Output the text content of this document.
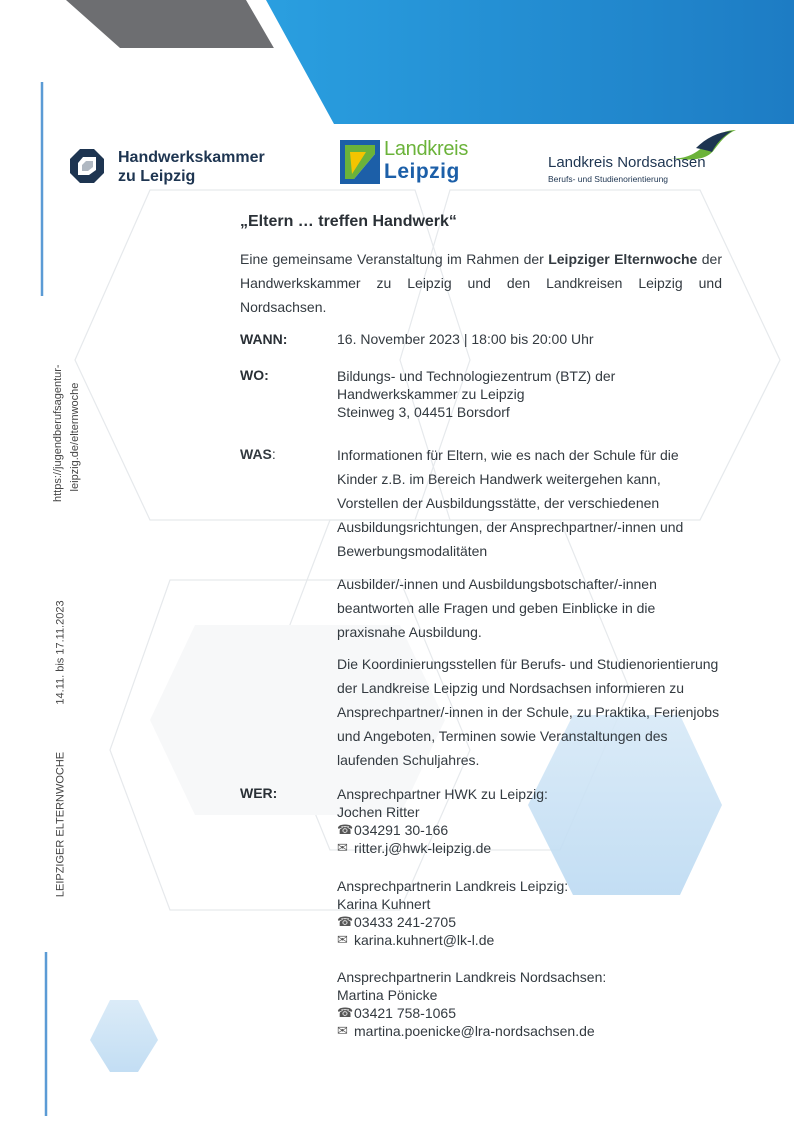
https://jugendberufsagentur- leipzig.de/elternwoche
14.11. bis 17.11.2023
LEIPZIGER ELTERNWOCHE
Handwerkskammer
zu Leipzig
Landkreis
Leipzig	Landkreis Nordsachsen
Berufs- und Studienorientierung
„Eltern … treffen Handwerk“
Eine gemeinsame Veranstaltung im Rahmen der Leipziger Elternwoche der Handwerkskammer zu Leipzig und den Landkreisen Leipzig und Nordsachsen.
WANN:	16. November 2023 | 18:00 bis 20:00 Uhr
WO:	Bildungs- und Technologiezentrum (BTZ) der
Handwerkskammer zu Leipzig
Steinweg 3, 04451 Borsdorf
WAS:	Informationen für Eltern, wie es nach der Schule für die Kinder z.B. im Bereich Handwerk weitergehen kann, Vorstellen der Ausbildungsstätte, der verschiedenen Ausbildungsrichtungen, der Ansprechpartner/-innen und Bewerbungsmodalitäten
Ausbilder/-innen und Ausbildungsbotschafter/-innen beantworten alle Fragen und geben Einblicke in die praxisnahe Ausbildung.
Die Koordinierungsstellen für Berufs- und Studienorientierung der Landkreise Leipzig und Nordsachsen informieren zu Ansprechpartner/-innen in der Schule, zu Praktika, Ferienjobs und Angeboten, Terminen sowie Veranstaltungen des laufenden Schuljahres.
WER:	Ansprechpartner HWK zu Leipzig:
Jochen Ritter
☎ 034291 30-166
✉ ritter.j@hwk-leipzig.de
Ansprechpartnerin Landkreis Leipzig:
Karina Kuhnert
☎ 03433 241-2705
✉ karina.kuhnert@lk-l.de
Ansprechpartnerin Landkreis Nordsachsen:
Martina Pönicke
☎ 03421 758-1065
✉ martina.poenicke@lra-nordsachsen.de
